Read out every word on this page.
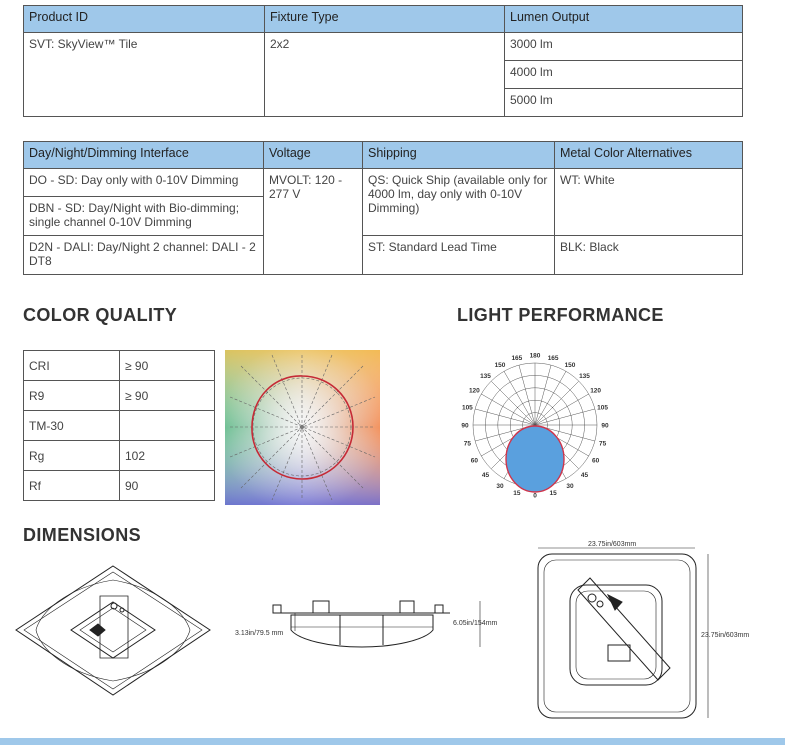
Product ID	Fixture Type	Lumen Output
SVT: SkyView™ Tile	2x2	3000 lm
		4000 lm
		5000 lm
Day/Night/Dimming Interface	Voltage	Shipping	Metal Color Alternatives
DO - SD: Day only with 0-10V Dimming	MVOLT: 120 - 277 V	QS: Quick Ship (available only for 4000 lm, day only with 0-10V Dimming)	WT: White
DBN - SD: Day/Night with Bio-dimming; single channel 0-10V Dimming			
D2N - DALI: Day/Night 2 channel: DALI - 2 DT8		ST: Standard Lead Time	BLK: Black
COLOR QUALITY	LIGHT PERFORMANCE
DIMENSIONS
CRI	≥ 90
R9	≥ 90
TM-30	
Rg	102
Rf	90
165
180
165
150
150
135
135
120
120
105
105
90
90
75
75
60
60
45
45
30
30
15
15 0
3.13in/79.5 mm
6.05in/154mm
23.75in/603mm
23.75in/603mm
